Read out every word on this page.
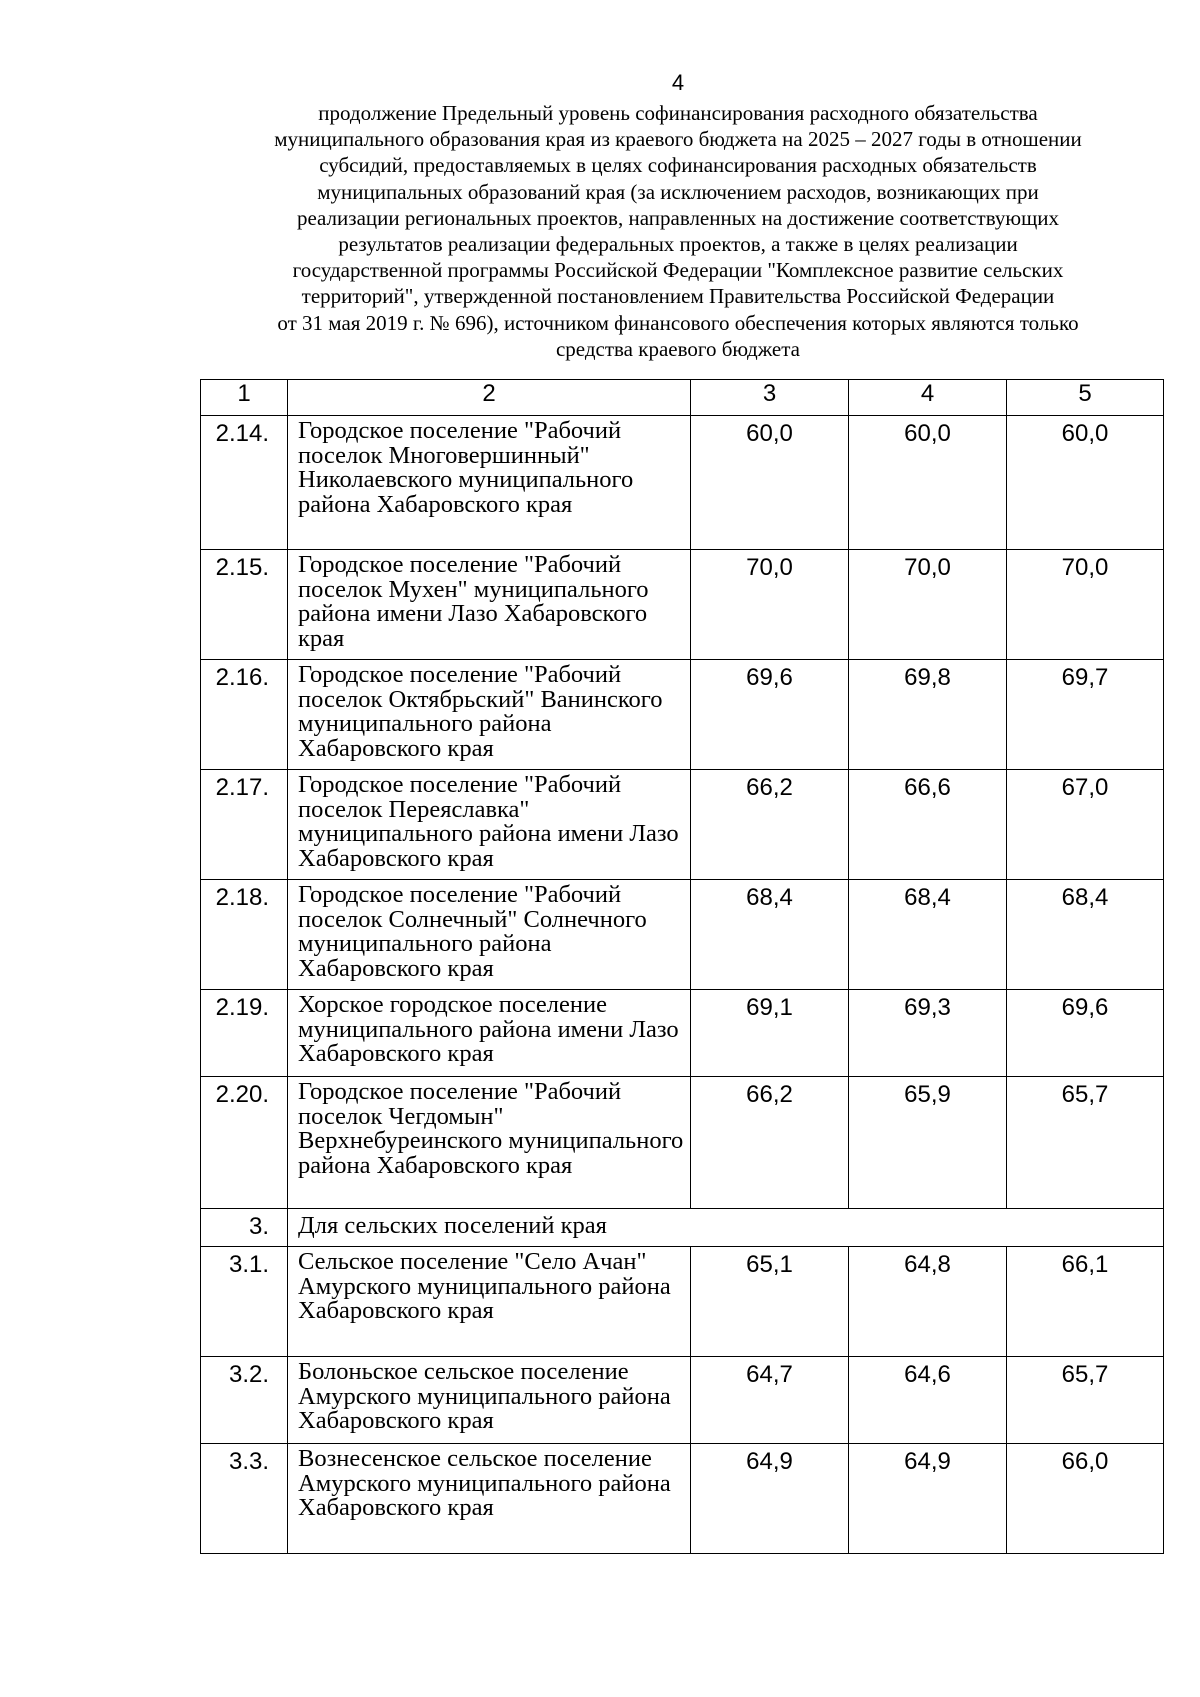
4
продолжение Предельный уровень софинансирования расходного обязательства
муниципального образования края из краевого бюджета на 2025 – 2027 годы в отношении
субсидий, предоставляемых в целях софинансирования расходных обязательств
муниципальных образований края (за исключением расходов, возникающих при
реализации региональных проектов, направленных на достижение соответствующих
результатов реализации федеральных проектов, а также в целях реализации
государственной программы Российской Федерации "Комплексное развитие сельских
территорий", утвержденной постановлением Правительства Российской Федерации
от 31 мая 2019 г. № 696), источником финансового обеспечения которых являются только
средства краевого бюджета
1	2	3	4	5
2.14.	Городское поселение "Рабочий поселок Многовершинный" Николаевского муниципального района Хабаровского края	60,0	60,0	60,0
2.15.	Городское поселение "Рабочий поселок Мухен" муниципального района имени Лазо Хабаровского края	70,0	70,0	70,0
2.16.	Городское поселение "Рабочий поселок Октябрьский" Ванинского муниципального района Хабаровского края	69,6	69,8	69,7
2.17.	Городское поселение "Рабочий поселок Переяславка" муниципального района имени Лазо Хабаровского края	66,2	66,6	67,0
2.18.	Городское поселение "Рабочий поселок Солнечный" Солнечного муниципального района Хабаровского края	68,4	68,4	68,4
2.19.	Хорское городское поселение муниципального района имени Лазо Хабаровского края	69,1	69,3	69,6
2.20.	Городское поселение "Рабочий поселок Чегдомын" Верхнебуреинского муниципального района Хабаровского края	66,2	65,9	65,7
3.	Для сельских поселений края			
3.1.	Сельское поселение "Село Ачан" Амурского муниципального района Хабаровского края	65,1	64,8	66,1
3.2.	Болоньское сельское поселение Амурского муниципального района Хабаровского края	64,7	64,6	65,7
3.3.	Вознесенское сельское поселение Амурского муниципального района Хабаровского края	64,9	64,9	66,0
